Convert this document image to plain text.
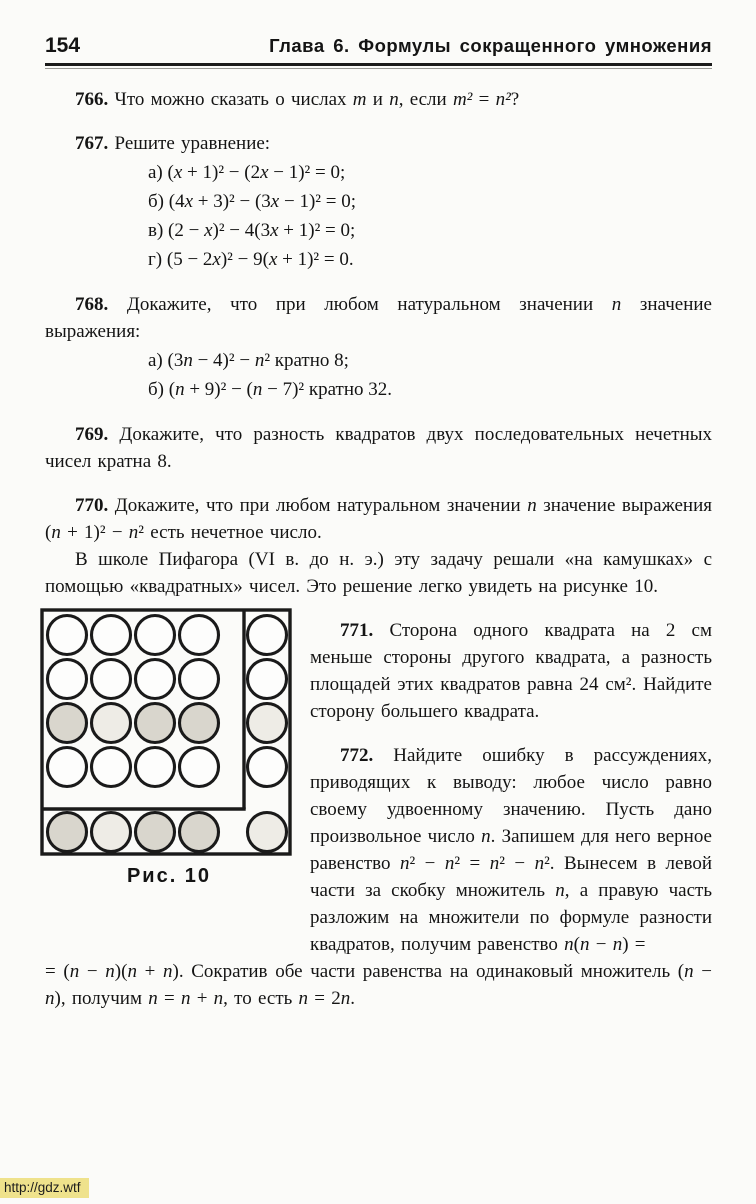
154	Глава 6. Формулы сокращенного умножения

766. Что можно сказать о числах m и n, если m² = n²?

767. Решите уравнение:

а) (x + 1)² − (2x − 1)² = 0;
б) (4x + 3)² − (3x − 1)² = 0;
в) (2 − x)² − 4(3x + 1)² = 0;
г) (5 − 2x)² − 9(x + 1)² = 0.

768. Докажите, что при любом натуральном значении n значение выражения:

а) (3n − 4)² − n² кратно 8;
б) (n + 9)² − (n − 7)² кратно 32.

769. Докажите, что разность квадратов двух последовательных нечетных чисел кратна 8.

770. Докажите, что при любом натуральном значении n значение выражения (n + 1)² − n² есть нечетное число.

В школе Пифагора (VI в. до н. э.) эту задачу решали «на камушках» с помощью «квадратных» чисел. Это решение легко увидеть на рисунке 10.

Рис. 10

771. Сторона одного квадрата на 2 см меньше стороны другого квадрата, а разность площадей этих квадратов равна 24 см². Найдите сторону большего квадрата.

772. Найдите ошибку в рассуждениях, приводящих к выводу: любое число равно своему удвоенному значению. Пусть дано произвольное число n. Запишем для него верное равенство n² − n² = n² − n². Вынесем в левой части за скобку множитель n, а правую часть разложим на множители по формуле разности квадратов, получим равенство n(n − n) =
= (n − n)(n + n). Сократив обе части равенства на одинаковый множитель (n − n), получим n = n + n, то есть n = 2n.

http://gdz.wtf
